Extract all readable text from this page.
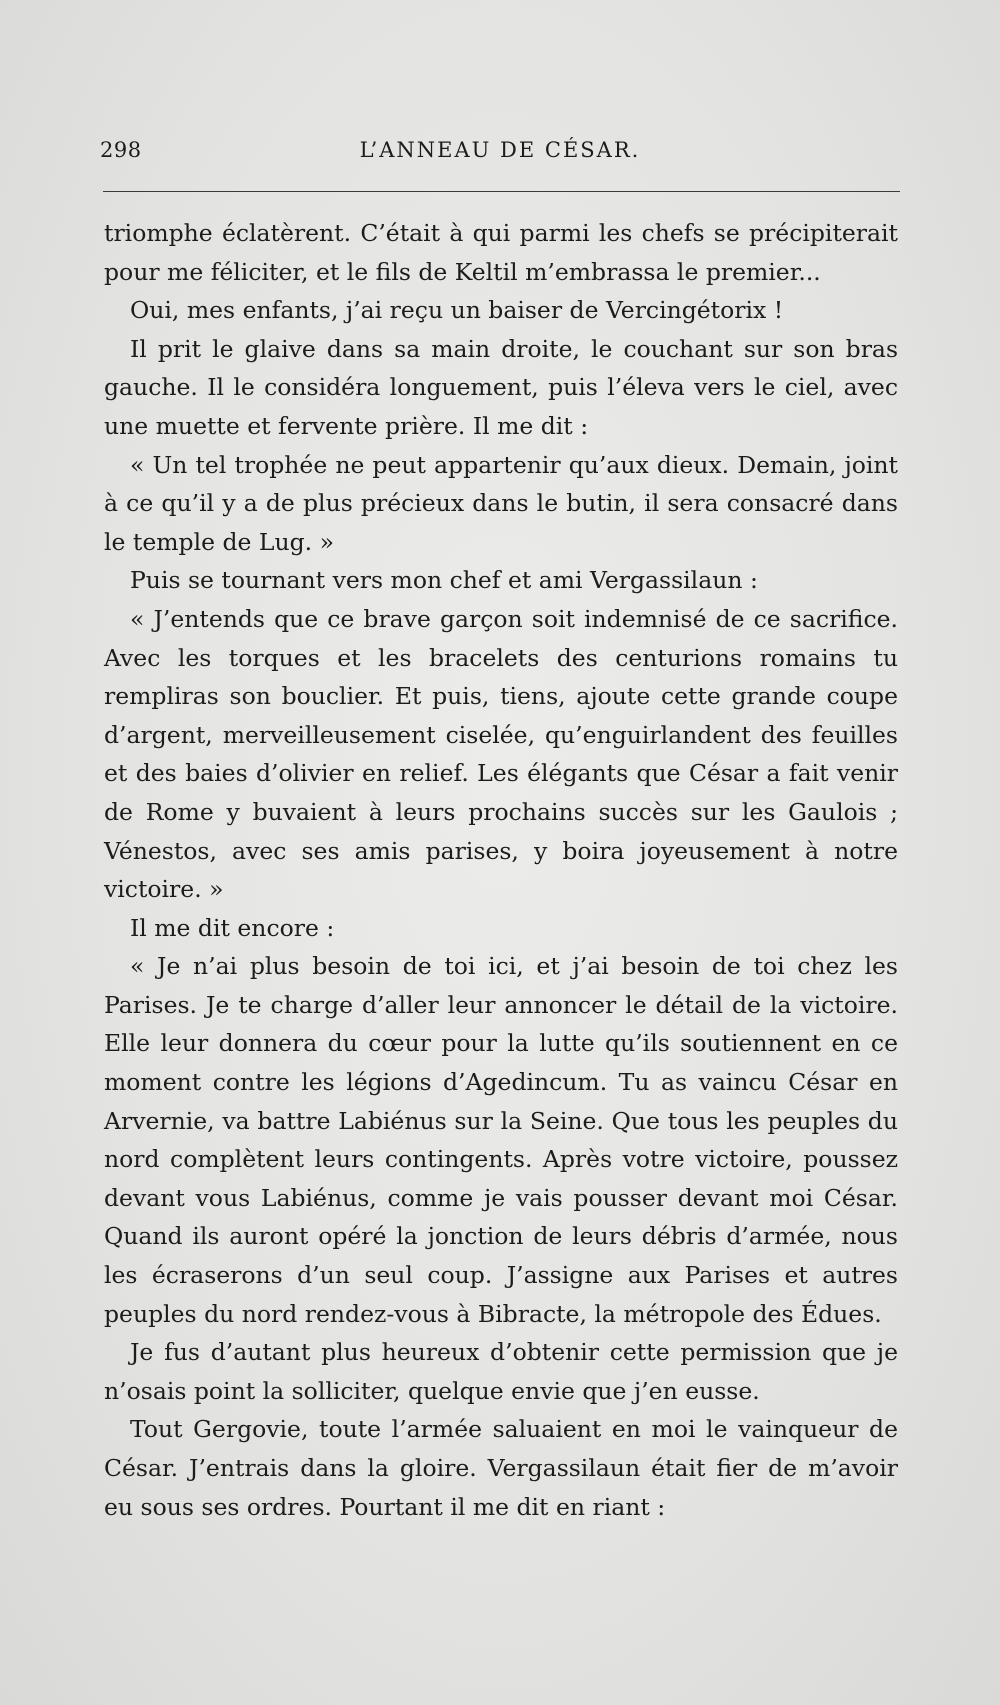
298	L’ANNEAU DE CÉSAR.

triomphe éclatèrent. C’était à qui parmi les chefs se précipiterait pour me féliciter, et le fils de Keltil m’embrassa le premier...

Oui, mes enfants, j’ai reçu un baiser de Vercingétorix !

Il prit le glaive dans sa main droite, le couchant sur son bras gauche. Il le considéra longuement, puis l’éleva vers le ciel, avec une muette et fervente prière. Il me dit :

« Un tel trophée ne peut appartenir qu’aux dieux. Demain, joint à ce qu’il y a de plus précieux dans le butin, il sera consacré dans le temple de Lug. »

Puis se tournant vers mon chef et ami Vergassilaun :

« J’entends que ce brave garçon soit indemnisé de ce sacrifice. Avec les torques et les bracelets des centurions romains tu rempliras son bouclier. Et puis, tiens, ajoute cette grande coupe d’argent, merveilleusement ciselée, qu’enguirlandent des feuilles et des baies d’olivier en relief. Les élégants que César a fait venir de Rome y buvaient à leurs prochains succès sur les Gaulois ; Vénestos, avec ses amis parises, y boira joyeusement à notre victoire. »

Il me dit encore :

« Je n’ai plus besoin de toi ici, et j’ai besoin de toi chez les Parises. Je te charge d’aller leur annoncer le détail de la victoire. Elle leur donnera du cœur pour la lutte qu’ils soutiennent en ce moment contre les légions d’Agedincum. Tu as vaincu César en Arvernie, va battre Labiénus sur la Seine. Que tous les peuples du nord complètent leurs contingents. Après votre victoire, poussez devant vous Labiénus, comme je vais pousser devant moi César. Quand ils auront opéré la jonction de leurs débris d’armée, nous les écraserons d’un seul coup. J’assigne aux Parises et autres peuples du nord rendez-vous à Bibracte, la métropole des Édues.

Je fus d’autant plus heureux d’obtenir cette permission que je n’osais point la solliciter, quelque envie que j’en eusse.

Tout Gergovie, toute l’armée saluaient en moi le vainqueur de César. J’entrais dans la gloire. Vergassilaun était fier de m’avoir eu sous ses ordres. Pourtant il me dit en riant :
